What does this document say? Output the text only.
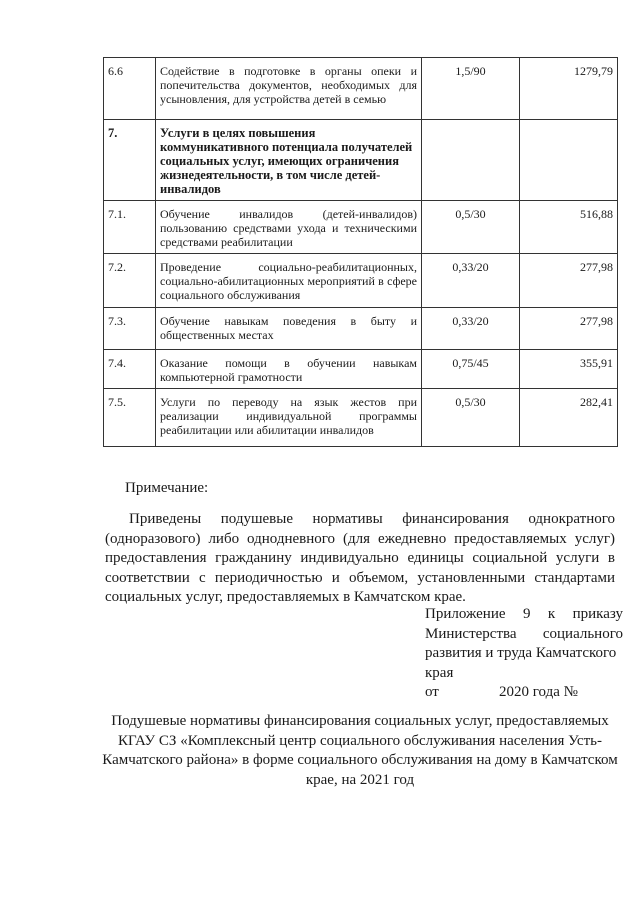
6.6	Содействие в подготовке в органы опеки и попечительства документов, необходимых для усыновления, для устройства детей в семью	1,5/90	1279,79
7.	Услуги в целях повышения коммуникативного потенциала получателей социальных услуг, имеющих ограничения жизнедеятельности, в том числе детей-инвалидов		
7.1.	Обучение инвалидов (детей-инвалидов) пользованию средствами ухода и техническими средствами реабилитации	0,5/30	516,88
7.2.	Проведение социально-реабилитационных, социально-абилитационных мероприятий в сфере социального обслуживания	0,33/20	277,98
7.3.	Обучение навыкам поведения в быту и общественных местах	0,33/20	277,98
7.4.	Оказание помощи в обучении навыкам компьютерной грамотности	0,75/45	355,91
7.5.	Услуги по переводу на язык жестов при реализации индивидуальной программы реабилитации или абилитации инвалидов	0,5/30	282,41
Примечание:

Приведены подушевые нормативы финансирования однократного (одноразового) либо однодневного (для ежедневно предоставляемых услуг) предоставления гражданину индивидуально единицы социальной услуги в соответствии с периодичностью и объемом, установленными стандартами социальных услуг, предоставляемых в Камчатском крае.

Приложение 9 к приказу
Министерства социального
развития и труда Камчатского
края
от	2020 года №

Подушевые нормативы финансирования социальных услуг, предоставляемых КГАУ СЗ «Комплексный центр социального обслуживания населения Усть-Камчатского района» в форме социального обслуживания на дому в Камчатском крае, на 2021 год
